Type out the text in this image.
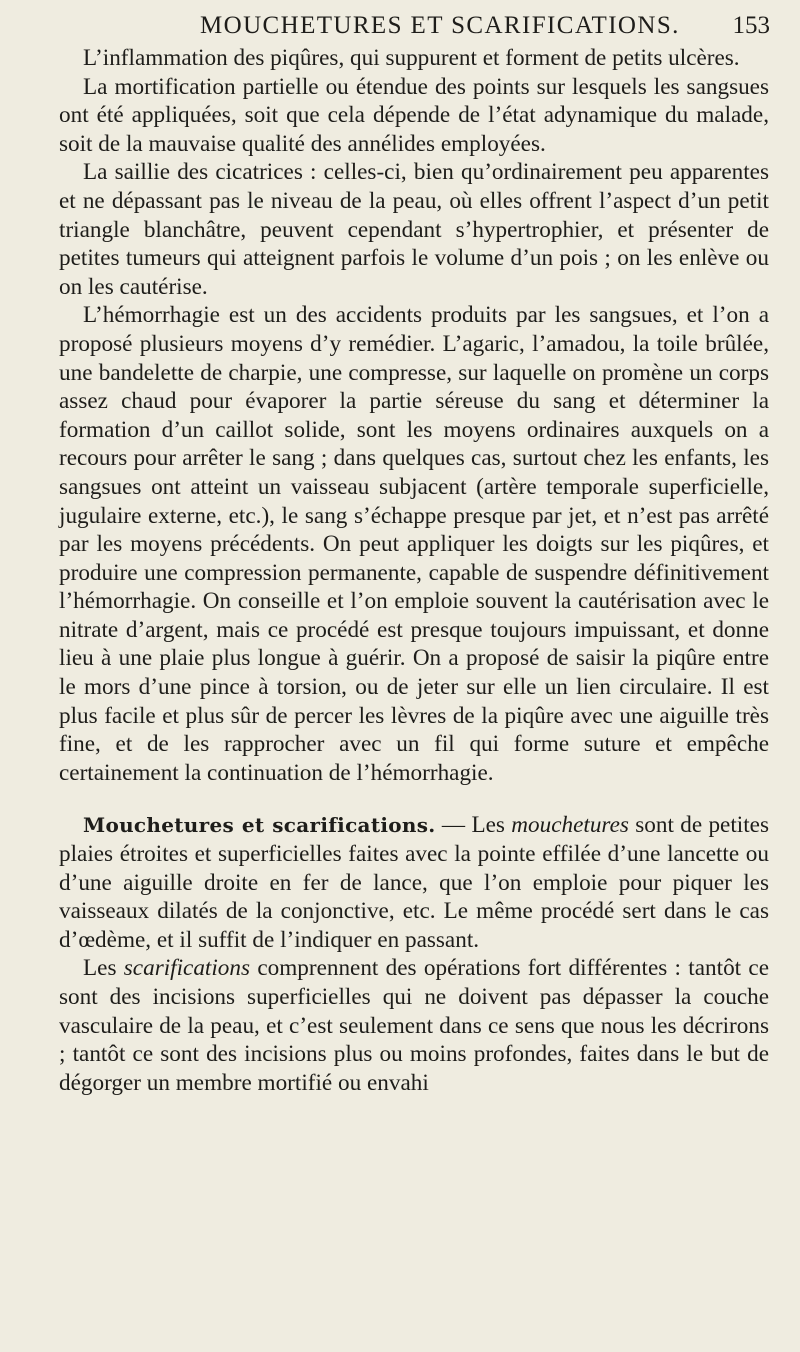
MOUCHETURES ET SCARIFICATIONS. 153

L’inflammation des piqûres, qui suppurent et forment de petits ulcères.

La mortification partielle ou étendue des points sur lesquels les sangsues ont été appliquées, soit que cela dépende de l’état adynamique du malade, soit de la mauvaise qualité des annélides employées.

La saillie des cicatrices : celles-ci, bien qu’ordinairement peu apparentes et ne dépassant pas le niveau de la peau, où elles offrent l’aspect d’un petit triangle blanchâtre, peuvent cependant s’hypertrophier, et présenter de petites tumeurs qui atteignent parfois le volume d’un pois ; on les enlève ou on les cautérise.

L’hémorrhagie est un des accidents produits par les sangsues, et l’on a proposé plusieurs moyens d’y remédier. L’agaric, l’amadou, la toile brûlée, une bandelette de charpie, une compresse, sur laquelle on promène un corps assez chaud pour évaporer la partie séreuse du sang et déterminer la formation d’un caillot solide, sont les moyens ordinaires auxquels on a recours pour arrêter le sang ; dans quelques cas, surtout chez les enfants, les sangsues ont atteint un vaisseau subjacent (artère temporale superficielle, jugulaire externe, etc.), le sang s’échappe presque par jet, et n’est pas arrêté par les moyens précédents. On peut appliquer les doigts sur les piqûres, et produire une compression permanente, capable de suspendre définitivement l’hémorrhagie. On conseille et l’on emploie souvent la cautérisation avec le nitrate d’argent, mais ce procédé est presque toujours impuissant, et donne lieu à une plaie plus longue à guérir. On a proposé de saisir la piqûre entre le mors d’une pince à torsion, ou de jeter sur elle un lien circulaire. Il est plus facile et plus sûr de percer les lèvres de la piqûre avec une aiguille très fine, et de les rapprocher avec un fil qui forme suture et empêche certainement la continuation de l’hémorrhagie.

Mouchetures et scarifications. — Les mouchetures sont de petites plaies étroites et superficielles faites avec la pointe effilée d’une lancette ou d’une aiguille droite en fer de lance, que l’on emploie pour piquer les vaisseaux dilatés de la conjonctive, etc. Le même procédé sert dans le cas d’œdème, et il suffit de l’indiquer en passant.

Les scarifications comprennent des opérations fort différentes : tantôt ce sont des incisions superficielles qui ne doivent pas dépasser la couche vasculaire de la peau, et c’est seulement dans ce sens que nous les décrirons ; tantôt ce sont des incisions plus ou moins profondes, faites dans le but de dégorger un membre mortifié ou envahi
